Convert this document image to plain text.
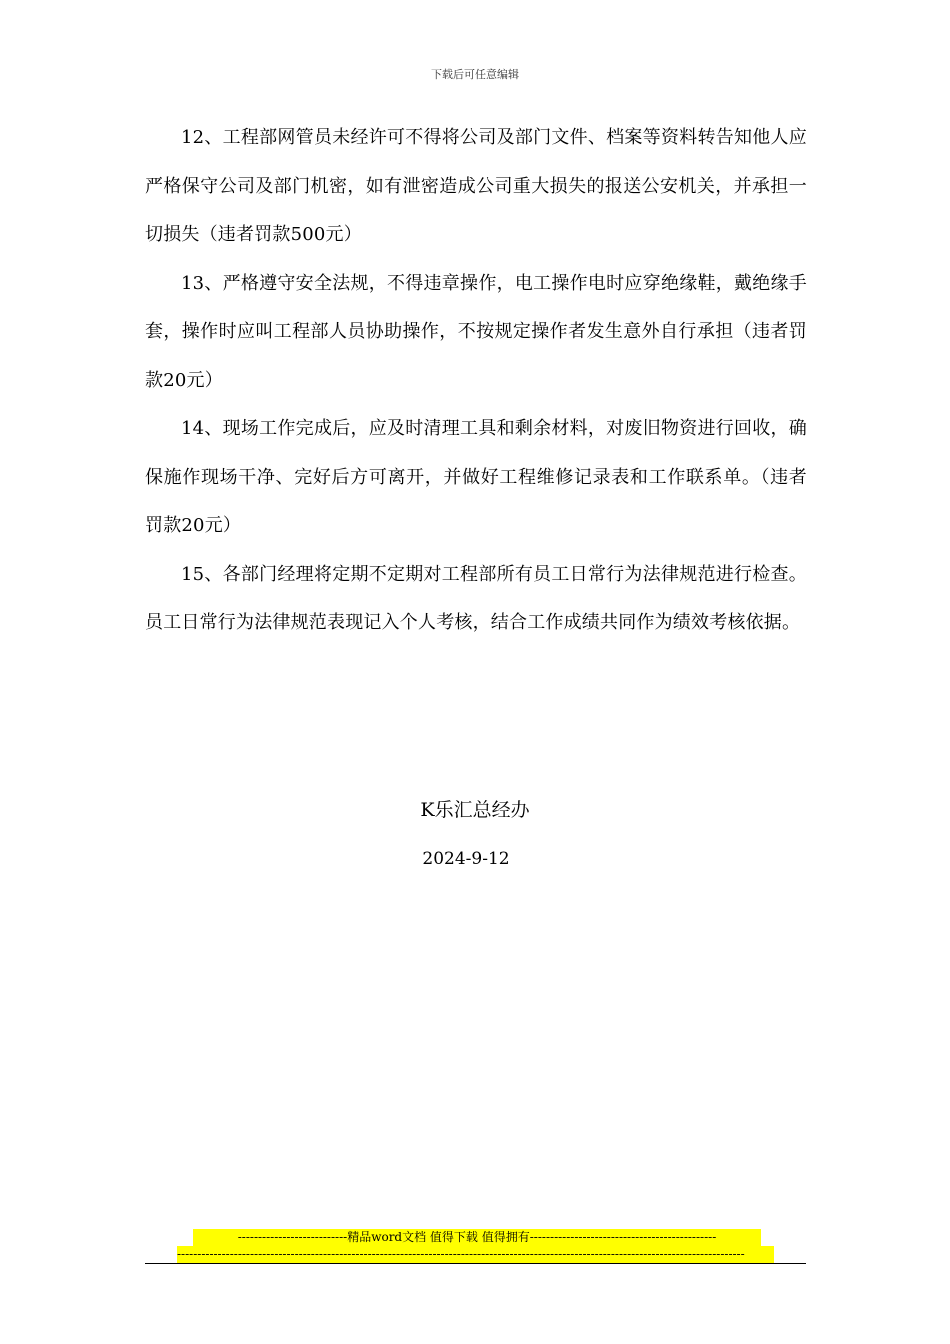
下载后可任意编辑

12、工程部网管员未经许可不得将公司及部门文件、档案等资料转告知他人应严格保守公司及部门机密，如有泄密造成公司重大损失的报送公安机关，并承担一切损失（违者罚款500元）

13、严格遵守安全法规，不得违章操作，电工操作电时应穿绝缘鞋，戴绝缘手套，操作时应叫工程部人员协助操作，不按规定操作者发生意外自行承担（违者罚款20元）

14、现场工作完成后，应及时清理工具和剩余材料，对废旧物资进行回收，确保施作现场干净、完好后方可离开，并做好工程维修记录表和工作联系单。（违者罚款20元）

15、各部门经理将定期不定期对工程部所有员工日常行为法律规范进行检查。员工日常行为法律规范表现记入个人考核，结合工作成绩共同作为绩效考核依据。

K乐汇总经办
2024-9-12
---------------------------精品word文档 值得下载 值得拥有----------------------------------------------
--------------------------------------------------------------------------------------------------------------------------------------------
